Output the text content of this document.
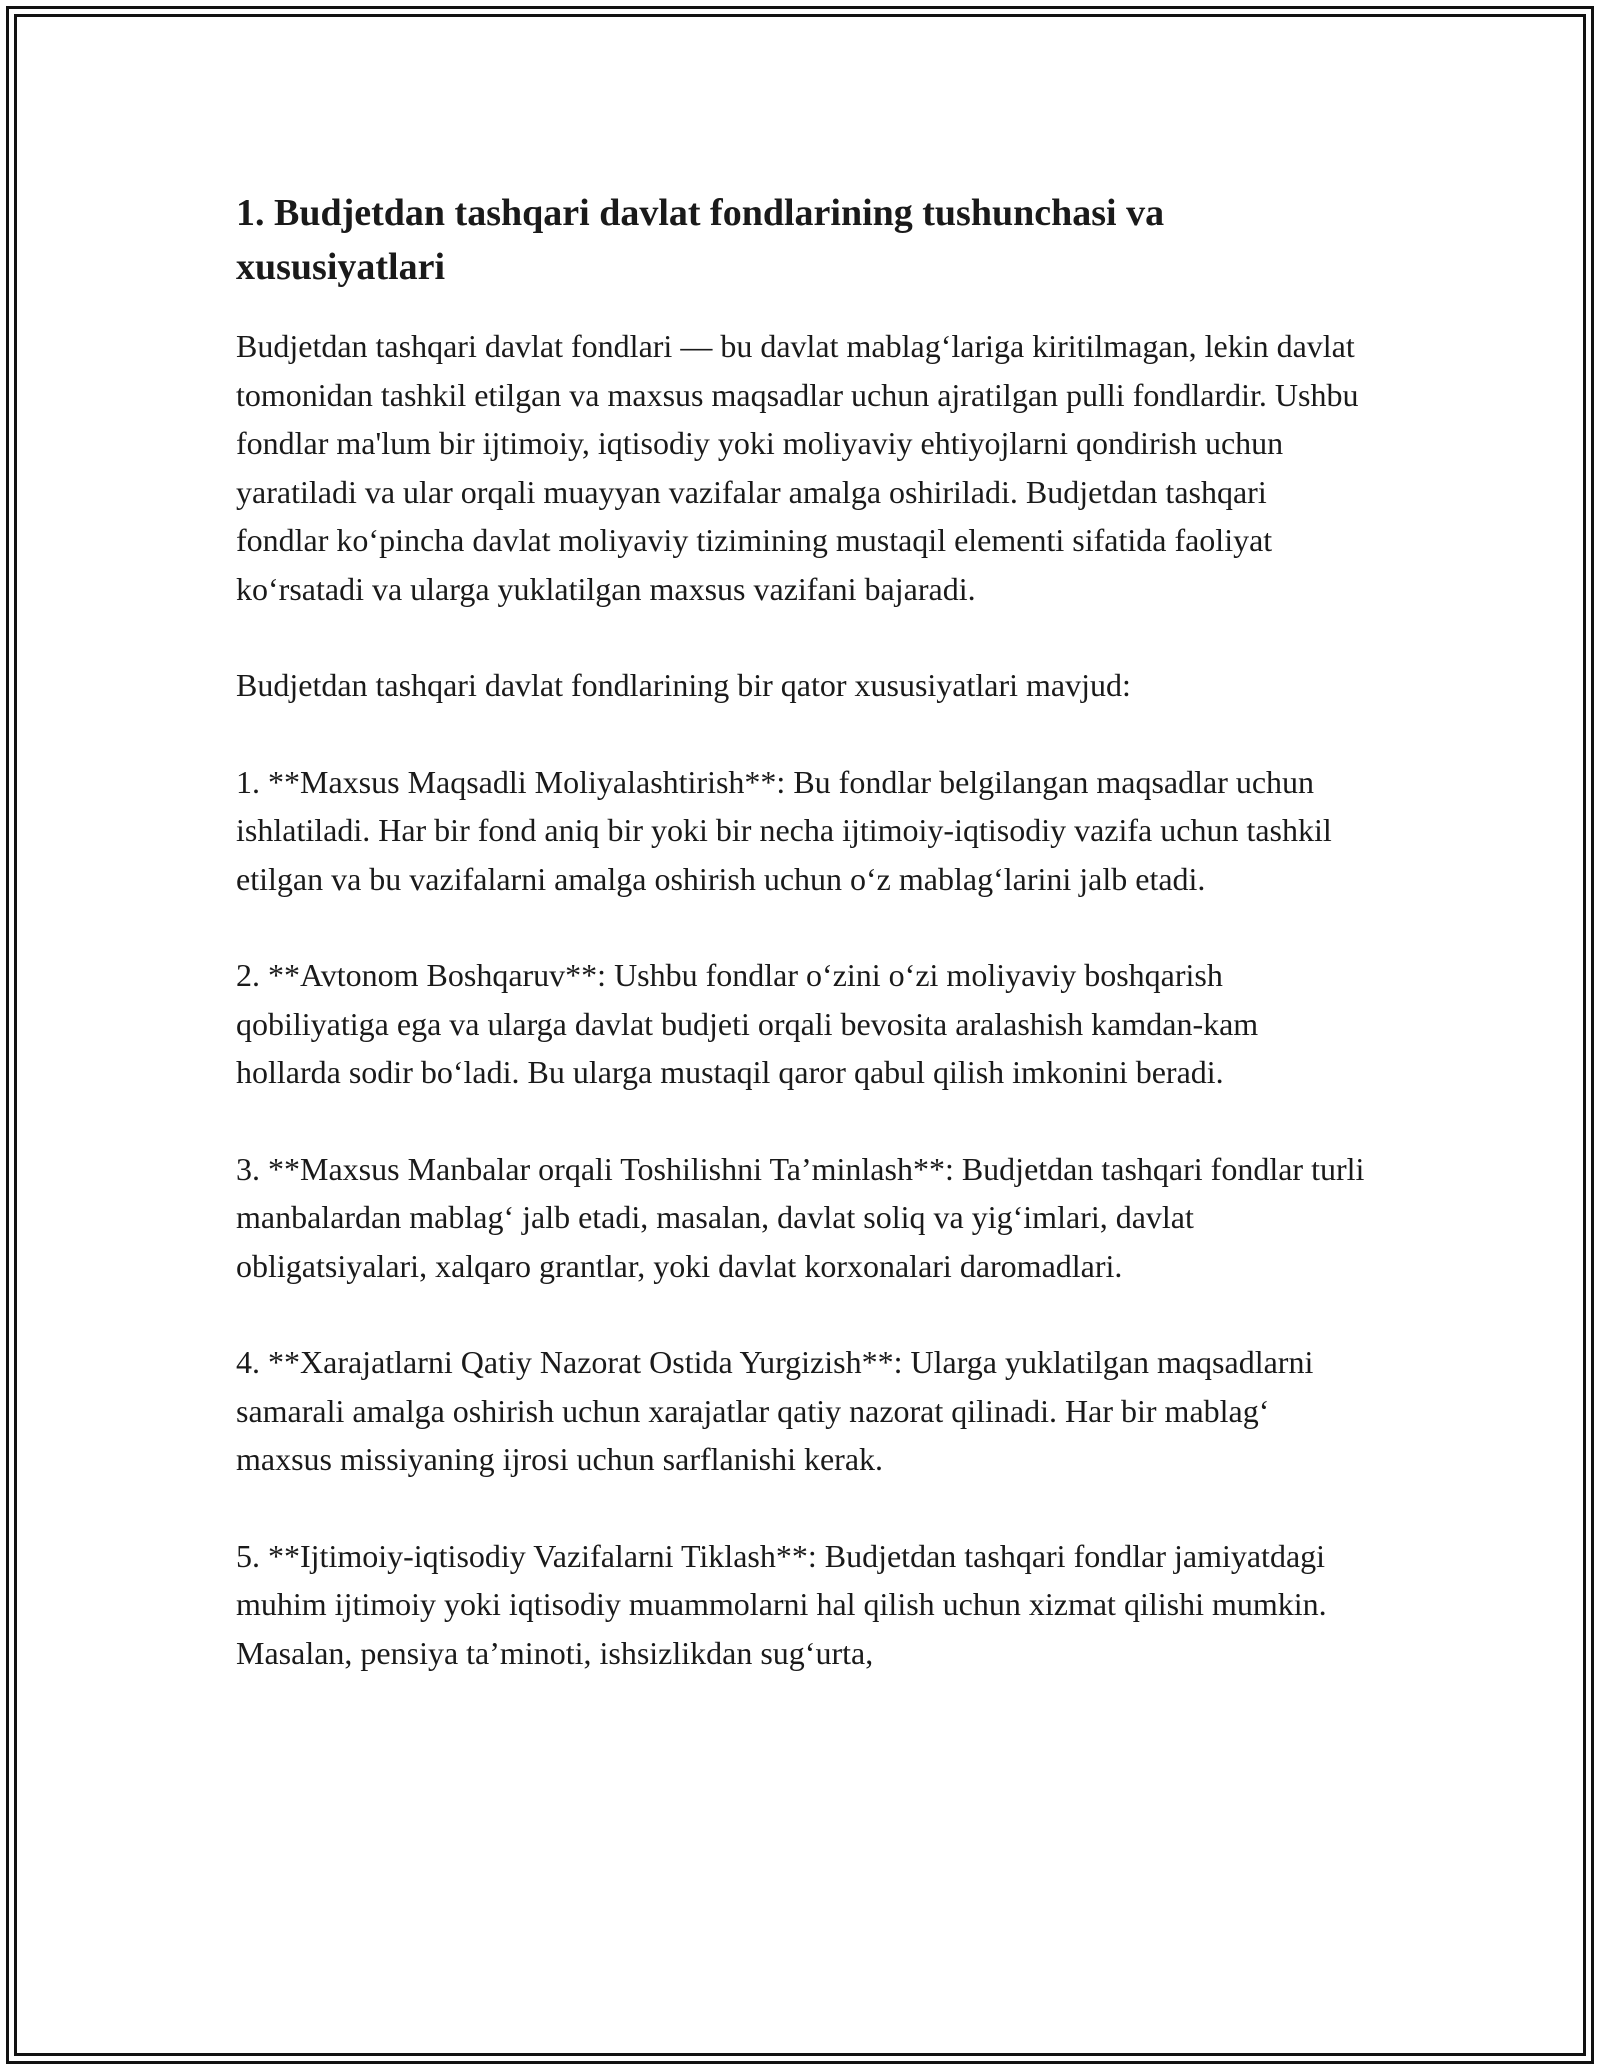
1. Budjetdan tashqari davlat fondlarining tushunchasi va xususiyatlari

Budjetdan tashqari davlat fondlari — bu davlat mablag‘lariga kiritilmagan, lekin davlat tomonidan tashkil etilgan va maxsus maqsadlar uchun ajratilgan pulli fondlardir. Ushbu fondlar ma'lum bir ijtimoiy, iqtisodiy yoki moliyaviy ehtiyojlarni qondirish uchun yaratiladi va ular orqali muayyan vazifalar amalga oshiriladi. Budjetdan tashqari fondlar ko‘pincha davlat moliyaviy tizimining mustaqil elementi sifatida faoliyat ko‘rsatadi va ularga yuklatilgan maxsus vazifani bajaradi.

Budjetdan tashqari davlat fondlarining bir qator xususiyatlari mavjud:

1. **Maxsus Maqsadli Moliyalashtirish**: Bu fondlar belgilangan maqsadlar uchun ishlatiladi. Har bir fond aniq bir yoki bir necha ijtimoiy-iqtisodiy vazifa uchun tashkil etilgan va bu vazifalarni amalga oshirish uchun o‘z mablag‘larini jalb etadi.

2. **Avtonom Boshqaruv**: Ushbu fondlar o‘zini o‘zi moliyaviy boshqarish qobiliyatiga ega va ularga davlat budjeti orqali bevosita aralashish kamdan-kam hollarda sodir bo‘ladi. Bu ularga mustaqil qaror qabul qilish imkonini beradi.

3. **Maxsus Manbalar orqali Toshilishni Ta’minlash**: Budjetdan tashqari fondlar turli manbalardan mablag‘ jalb etadi, masalan, davlat soliq va yig‘imlari, davlat obligatsiyalari, xalqaro grantlar, yoki davlat korxonalari daromadlari.

4. **Xarajatlarni Qatiy Nazorat Ostida Yurgizish**: Ularga yuklatilgan maqsadlarni samarali amalga oshirish uchun xarajatlar qatiy nazorat qilinadi. Har bir mablag‘ maxsus missiyaning ijrosi uchun sarflanishi kerak.

5. **Ijtimoiy-iqtisodiy Vazifalarni Tiklash**: Budjetdan tashqari fondlar jamiyatdagi muhim ijtimoiy yoki iqtisodiy muammolarni hal qilish uchun xizmat qilishi mumkin. Masalan, pensiya ta’minoti, ishsizlikdan sug‘urta,
